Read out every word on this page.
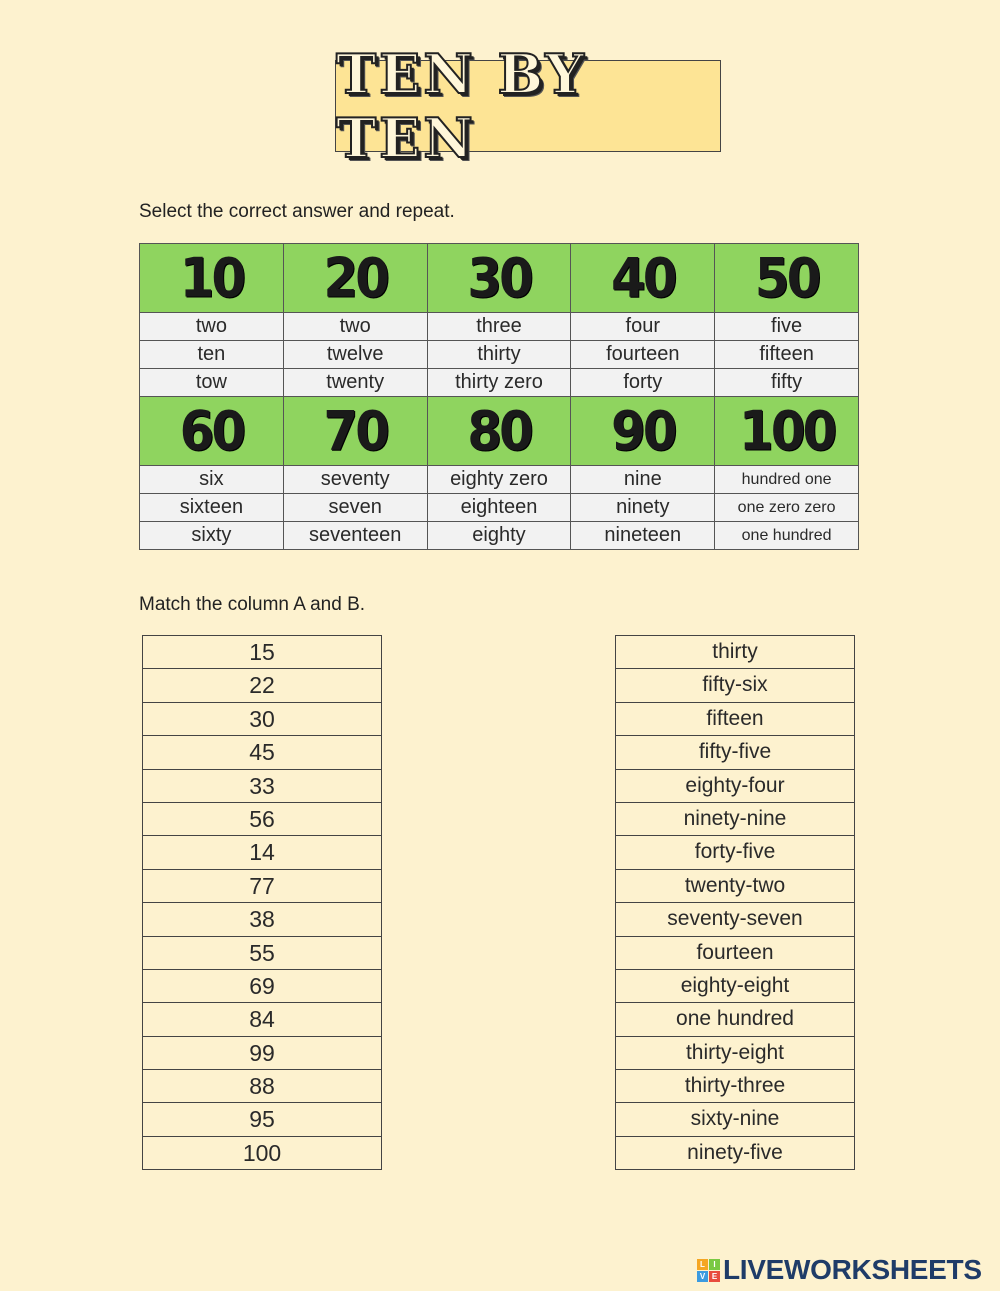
TEN BY TEN
Select the correct answer and repeat.
10	20	30	40	50
two	two	three	four	five
ten	twelve	thirty	fourteen	fifteen
tow	twenty	thirty zero	forty	fifty
60	70	80	90	100
six	seventy	eighty zero	nine	hundred one
sixteen	seven	eighteen	ninety	one zero zero
sixty	seventeen	eighty	nineteen	one hundred
Match the column A and B.
15
22
30
45
33
56
14
77
38
55
69
84
99
88
95
100
thirty
fifty-six
fifteen
fifty-five
eighty-four
ninety-nine
forty-five
twenty-two
seventy-seven
fourteen
eighty-eight
one hundred
thirty-eight
thirty-three
sixty-nine
ninety-five
L	I
V E LIVEWORKSHEETS
